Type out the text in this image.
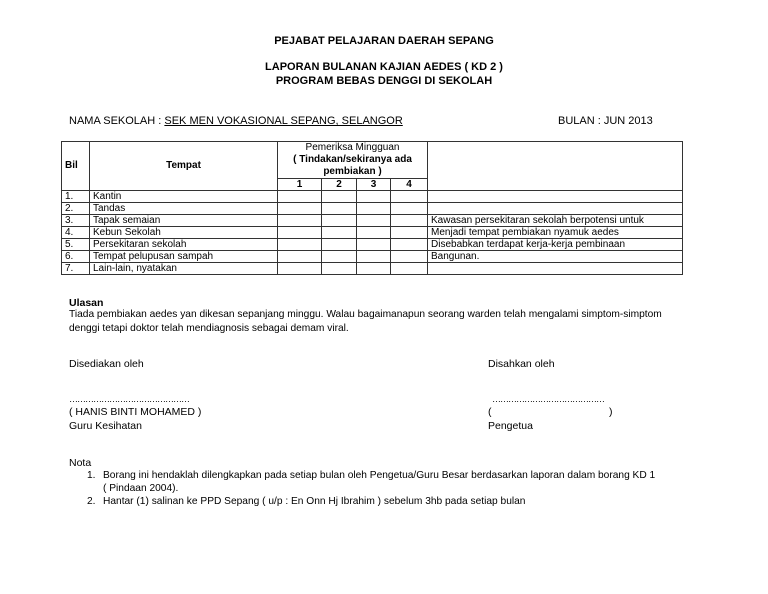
PEJABAT PELAJARAN DAERAH SEPANG
LAPORAN BULANAN KAJIAN AEDES ( KD 2 )
PROGRAM BEBAS DENGGI DI SEKOLAH
NAMA SEKOLAH : SEK MEN VOKASIONAL SEPANG, SELANGOR	BULAN : JUN 2013
Bil	Tempat	Pemeriksa Mingguan
( Tindakan/sekiranya ada
pembiakan )				

		1	2	3	4	
1.	Kantin					
2.	Tandas					
3.	Tapak semaian					Kawasan persekitaran sekolah berpotensi untuk
4.	Kebun Sekolah					Menjadi tempat pembiakan nyamuk aedes
5.	Persekitaran sekolah					Disebabkan terdapat kerja-kerja pembinaan
6.	Tempat pelupusan sampah					Bangunan.
7.	Lain-lain, nyatakan					
Ulasan
Tiada pembiakan aedes yan dikesan sepanjang minggu. Walau bagaimanapun seorang warden telah mengalami simptom-simptom
denggi tetapi doktor telah mendiagnosis sebagai demam viral.
Disediakan oleh	Disahkan oleh
………………………………………	……………………………………
( HANIS BINTI MOHAMED )	(	)
Guru Kesihatan	Pengetua
Nota
1. Borang ini hendaklah dilengkapkan pada setiap bulan oleh Pengetua/Guru Besar berdasarkan laporan dalam borang KD 1
( Pindaan 2004).
2. Hantar (1) salinan ke PPD Sepang ( u/p : En Onn Hj Ibrahim ) sebelum 3hb pada setiap bulan
